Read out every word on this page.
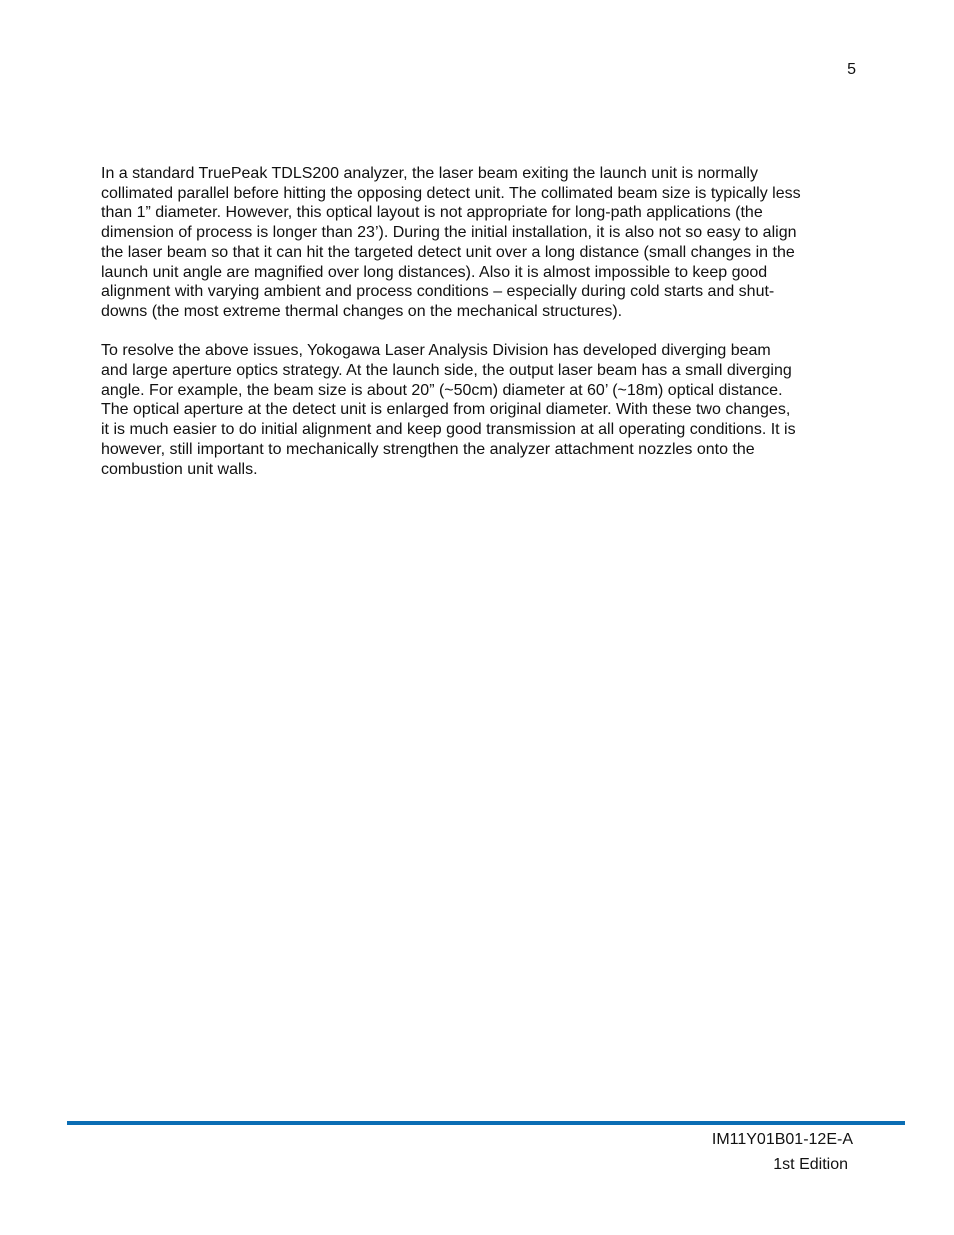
5

In a standard TruePeak TDLS200 analyzer, the laser beam exiting the launch unit is normally
collimated parallel before hitting the opposing detect unit. The collimated beam size is typically less
than 1” diameter. However, this optical layout is not appropriate for long-path applications (the
dimension of process is longer than 23’). During the initial installation, it is also not so easy to align
the laser beam so that it can hit the targeted detect unit over a long distance (small changes in the
launch unit angle are magnified over long distances). Also it is almost impossible to keep good
alignment with varying ambient and process conditions – especially during cold starts and shut-
downs (the most extreme thermal changes on the mechanical structures).

To resolve the above issues, Yokogawa Laser Analysis Division has developed diverging beam
and large aperture optics strategy. At the launch side, the output laser beam has a small diverging
angle. For example, the beam size is about 20” (~50cm) diameter at 60’ (~18m) optical distance.
The optical aperture at the detect unit is enlarged from original diameter. With these two changes,
it is much easier to do initial alignment and keep good transmission at all operating conditions. It is
however, still important to mechanically strengthen the analyzer attachment nozzles onto the
combustion unit walls.

IM11Y01B01-12E-A
1st Edition
